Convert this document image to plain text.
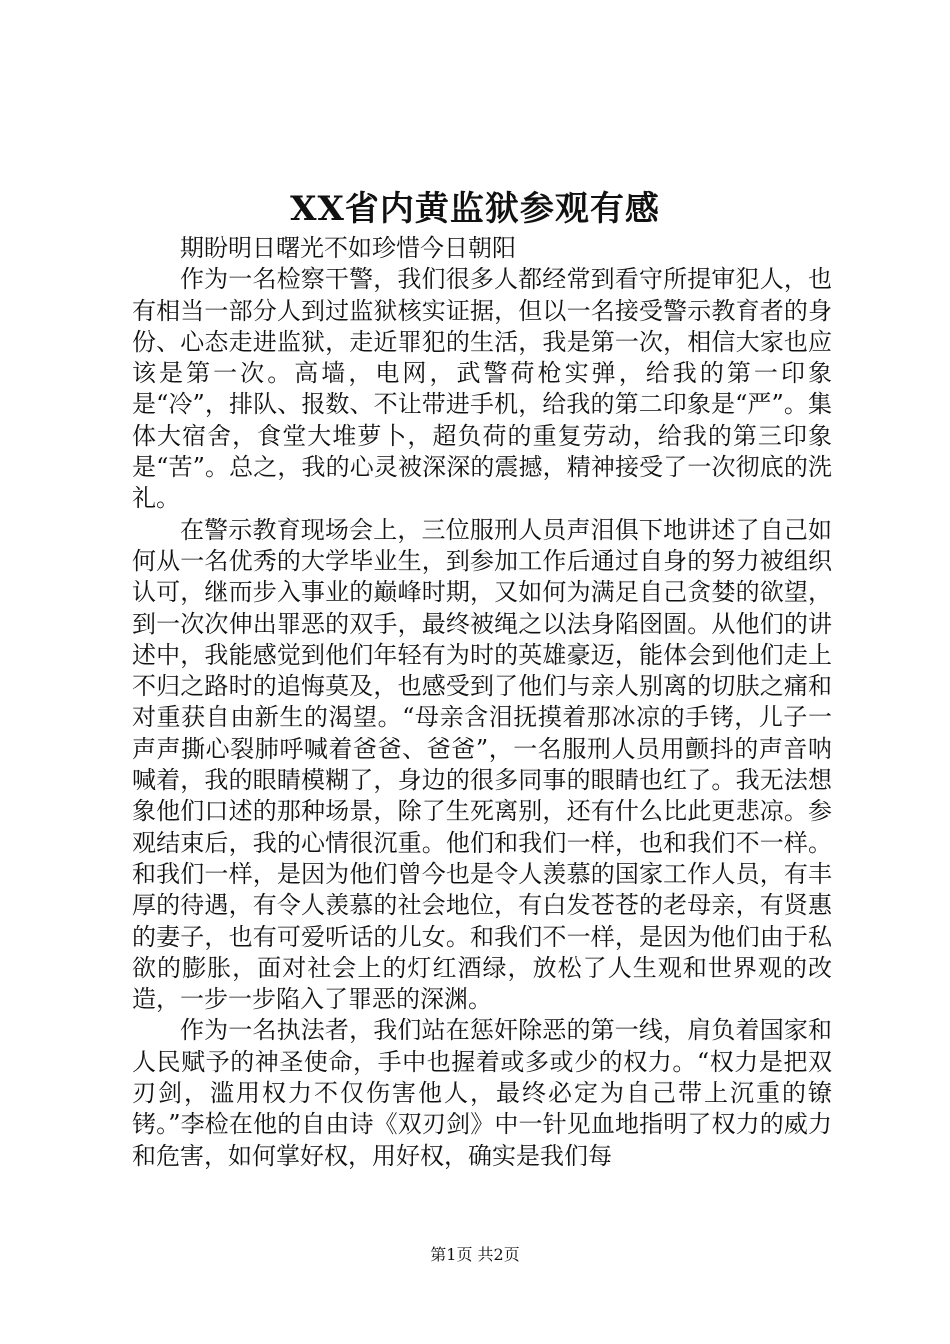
XX省内黄监狱参观有感

期盼明日曙光不如珍惜今日朝阳

作为一名检察干警，我们很多人都经常到看守所提审犯人，也有相当一部分人到过监狱核实证据，但以一名接受警示教育者的身份、心态走进监狱，走近罪犯的生活，我是第一次，相信大家也应该是第一次。高墙，电网，武警荷枪实弹，给我的第一印象是“冷”，排队、报数、不让带进手机，给我的第二印象是“严”。集体大宿舍，食堂大堆萝卜，超负荷的重复劳动，给我的第三印象是“苦”。总之，我的心灵被深深的震撼，精神接受了一次彻底的洗礼。

在警示教育现场会上，三位服刑人员声泪俱下地讲述了自己如何从一名优秀的大学毕业生，到参加工作后通过自身的努力被组织认可，继而步入事业的巅峰时期，又如何为满足自己贪婪的欲望，到一次次伸出罪恶的双手，最终被绳之以法身陷囹圄。从他们的讲述中，我能感觉到他们年轻有为时的英雄豪迈，能体会到他们走上不归之路时的追悔莫及，也感受到了他们与亲人别离的切肤之痛和对重获自由新生的渴望。“母亲含泪抚摸着那冰凉的手铐，儿子一声声撕心裂肺呼喊着爸爸、爸爸”，一名服刑人员用颤抖的声音呐喊着，我的眼睛模糊了，身边的很多同事的眼睛也红了。我无法想象他们口述的那种场景，除了生死离别，还有什么比此更悲凉。参观结束后，我的心情很沉重。他们和我们一样，也和我们不一样。和我们一样，是因为他们曾今也是令人羡慕的国家工作人员，有丰厚的待遇，有令人羡慕的社会地位，有白发苍苍的老母亲，有贤惠的妻子，也有可爱听话的儿女。和我们不一样，是因为他们由于私欲的膨胀，面对社会上的灯红酒绿，放松了人生观和世界观的改造，一步一步陷入了罪恶的深渊。

作为一名执法者，我们站在惩奸除恶的第一线，肩负着国家和人民赋予的神圣使命，手中也握着或多或少的权力。“权力是把双刃剑，滥用权力不仅伤害他人，最终必定为自己带上沉重的镣铐。”李检在他的自由诗《双刃剑》中一针见血地指明了权力的威力和危害，如何掌好权，用好权，确实是我们每

第1页 共2页
